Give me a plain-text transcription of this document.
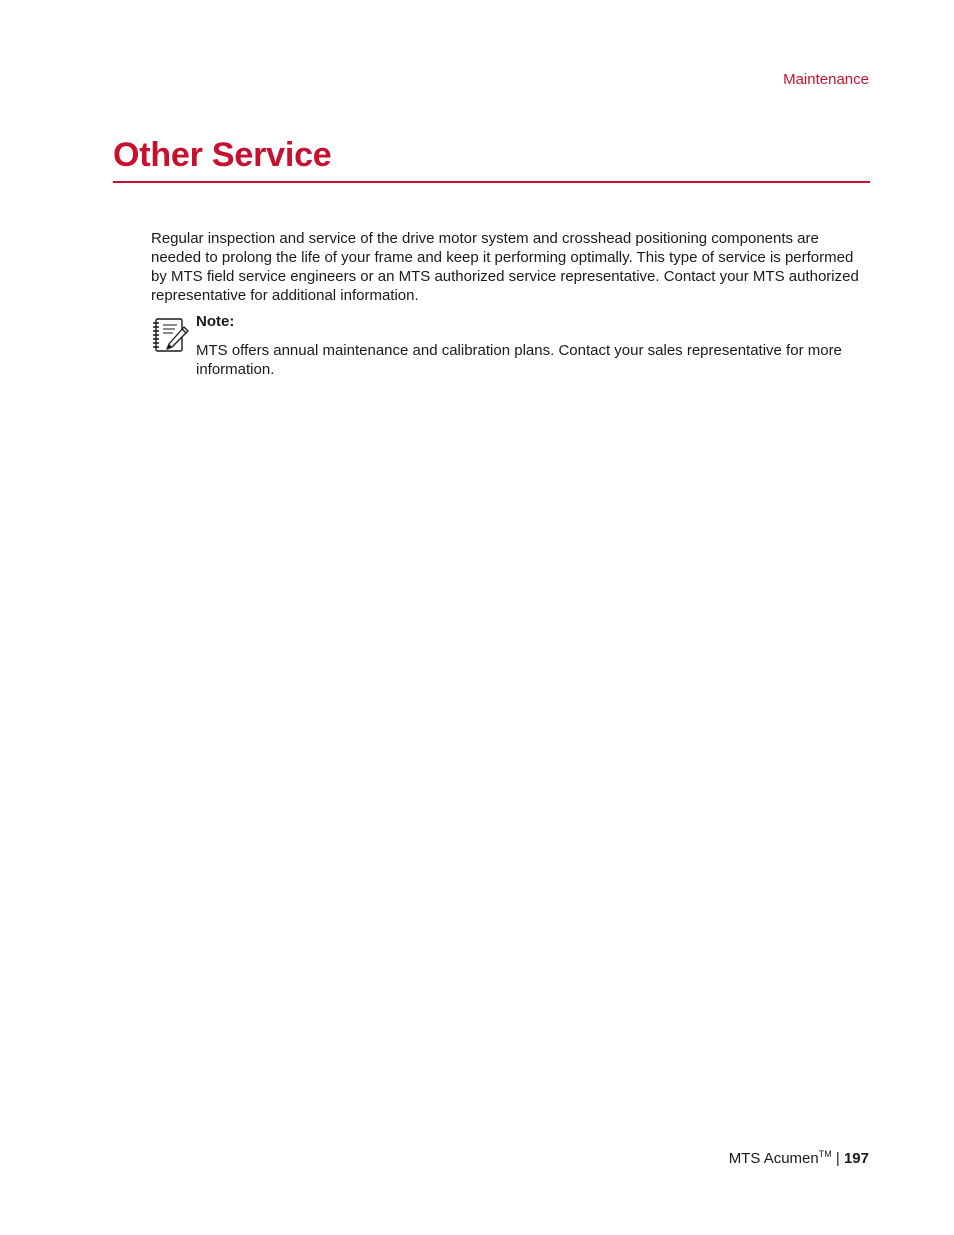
Maintenance
Other Service

Regular inspection and service of the drive motor system and crosshead positioning components are needed to prolong the life of your frame and keep it performing optimally. This type of service is performed by MTS field service engineers or an MTS authorized service representative. Contact your MTS authorized representative for additional information.

Note:

MTS offers annual maintenance and calibration plans. Contact your sales representative for more information.

MTS Acumen™ | 197
